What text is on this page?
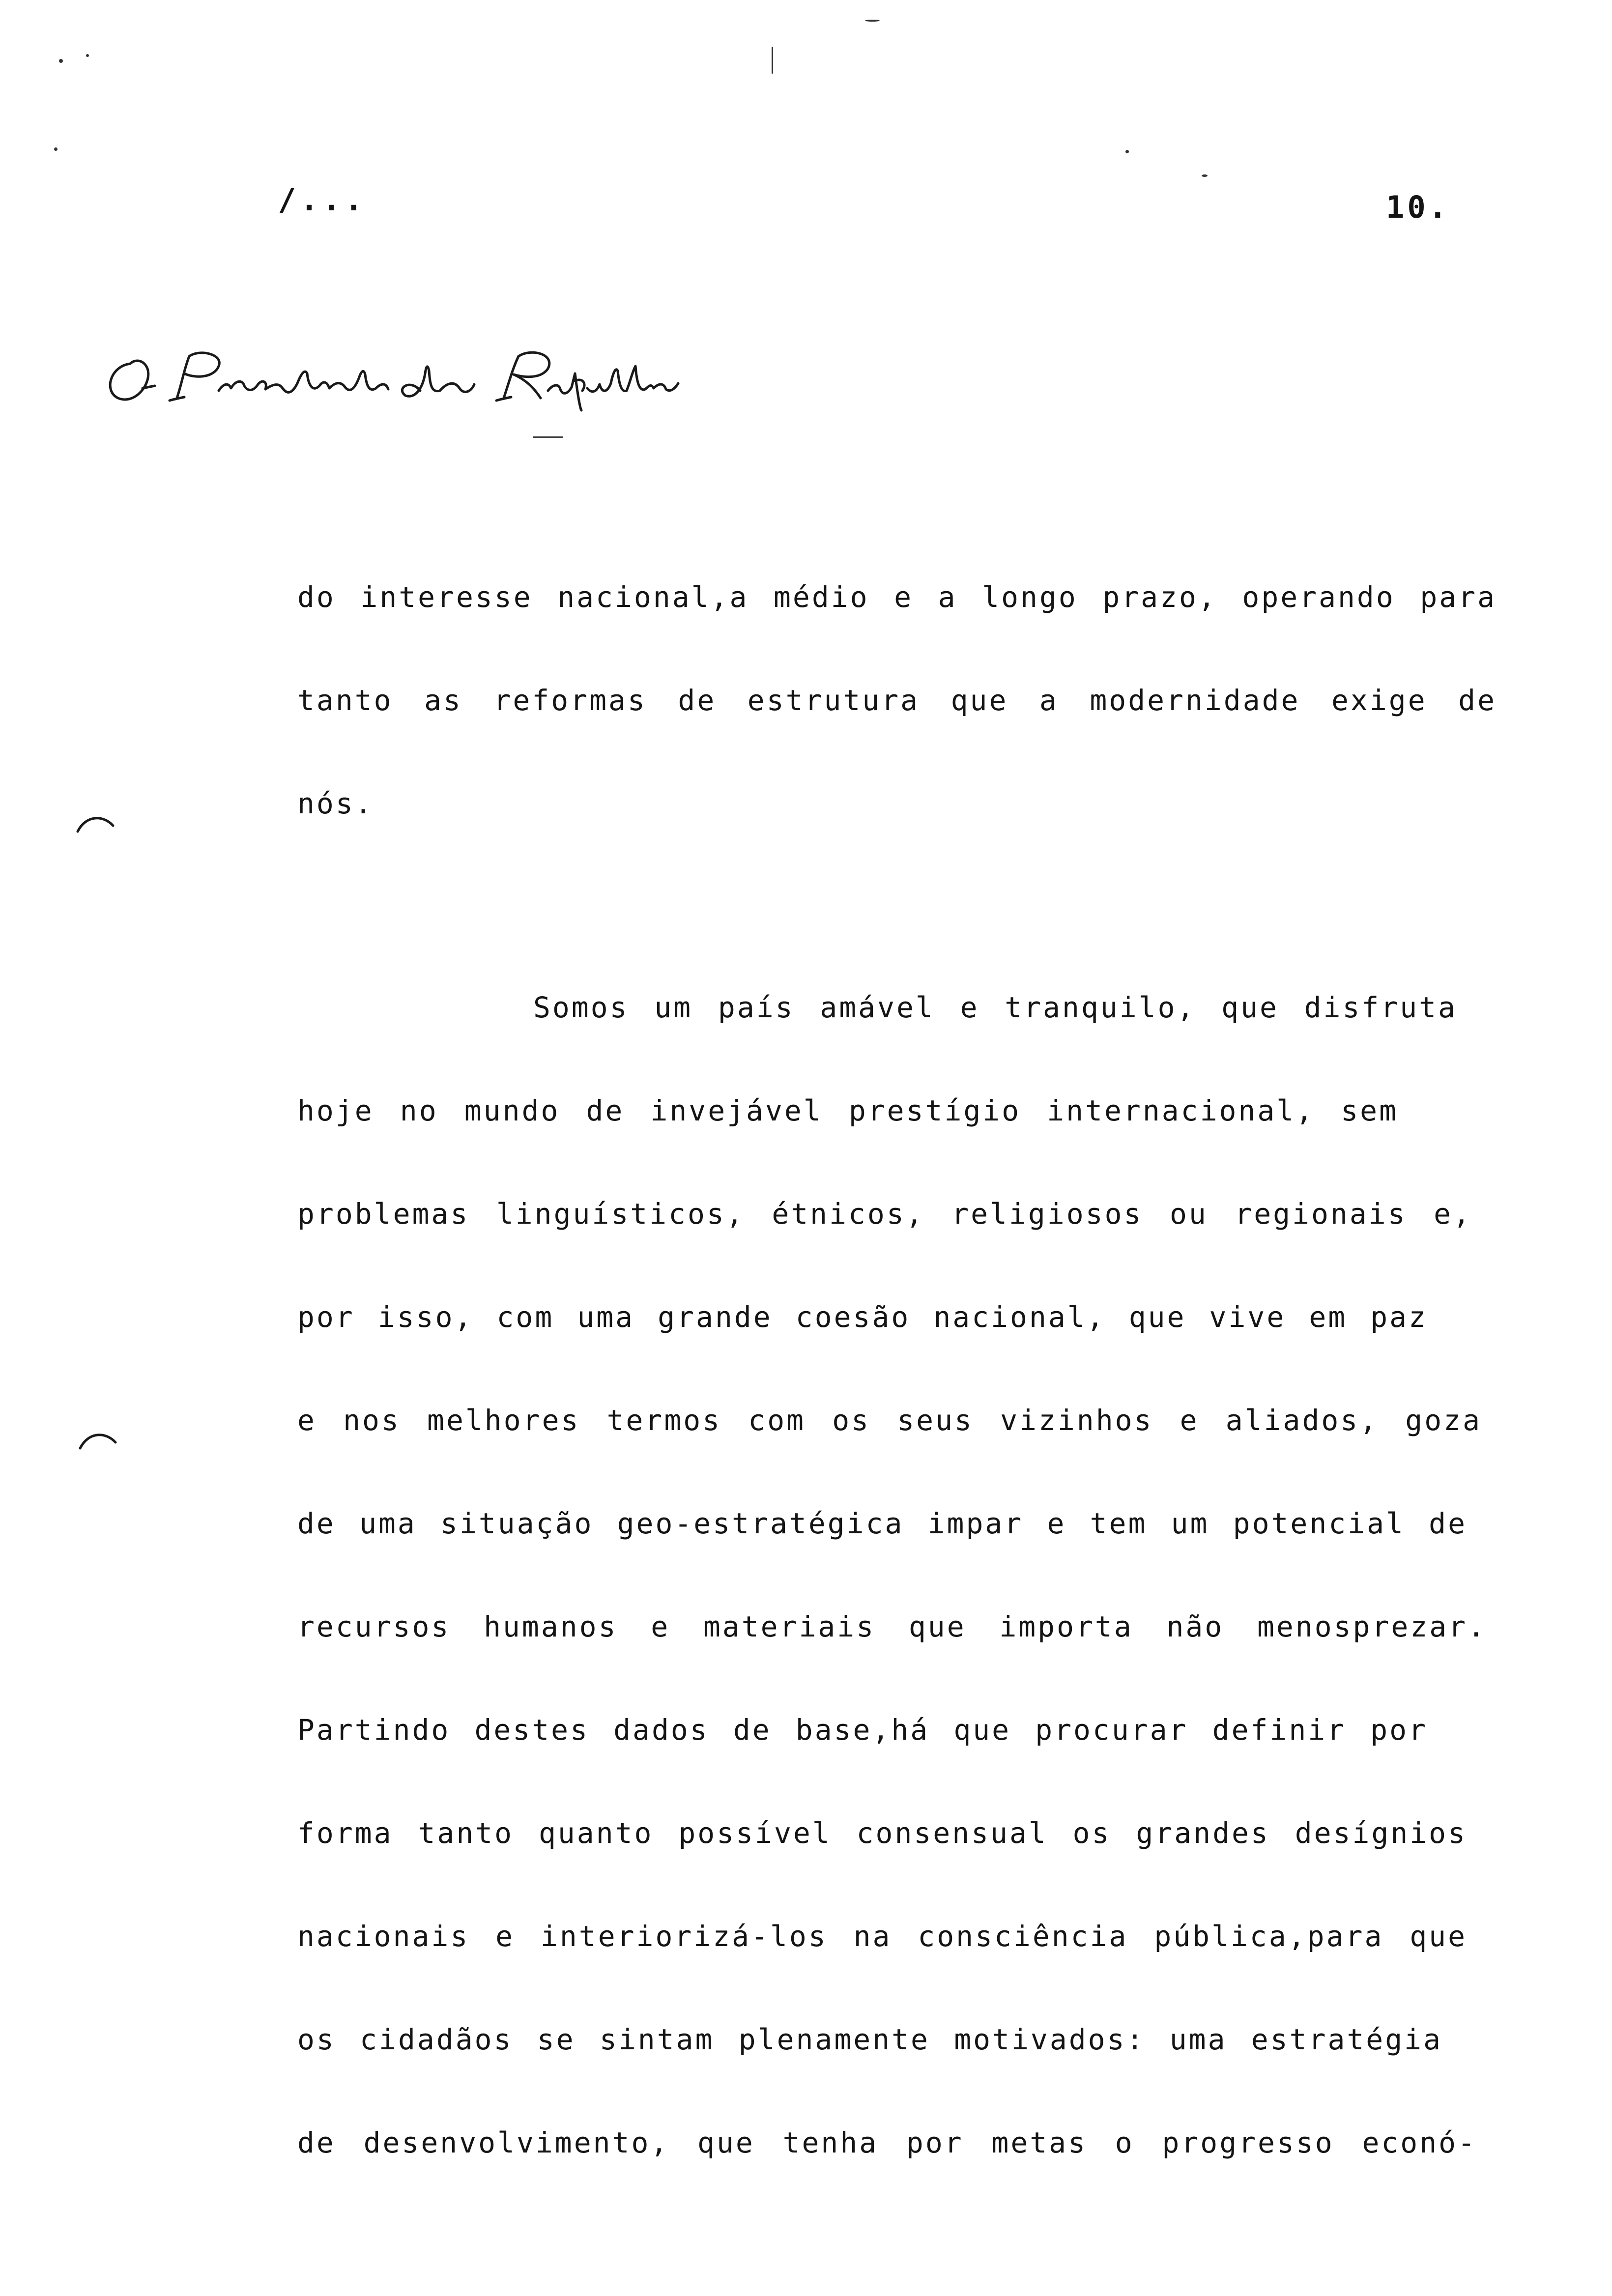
/...	10.
do interesse nacional,a médio e a longo prazo, operando para
tanto as reformas de estrutura que a modernidade exige de
nós.
Somos um país amável e tranquilo, que disfruta
hoje no mundo de invejável prestígio internacional, sem
problemas linguísticos, étnicos, religiosos ou regionais e,
por isso, com uma grande coesão nacional, que vive em paz
e nos melhores termos com os seus vizinhos e aliados, goza
de uma situação geo-estratégica impar e tem um potencial de
recursos humanos e materiais que importa não menosprezar.
Partindo destes dados de base,há que procurar definir por
forma tanto quanto possível consensual os grandes desígnios
nacionais e interiorizá-los na consciência pública,para que
os cidadãos se sintam plenamente motivados: uma estratégia
de desenvolvimento, que tenha por metas o progresso econó-
